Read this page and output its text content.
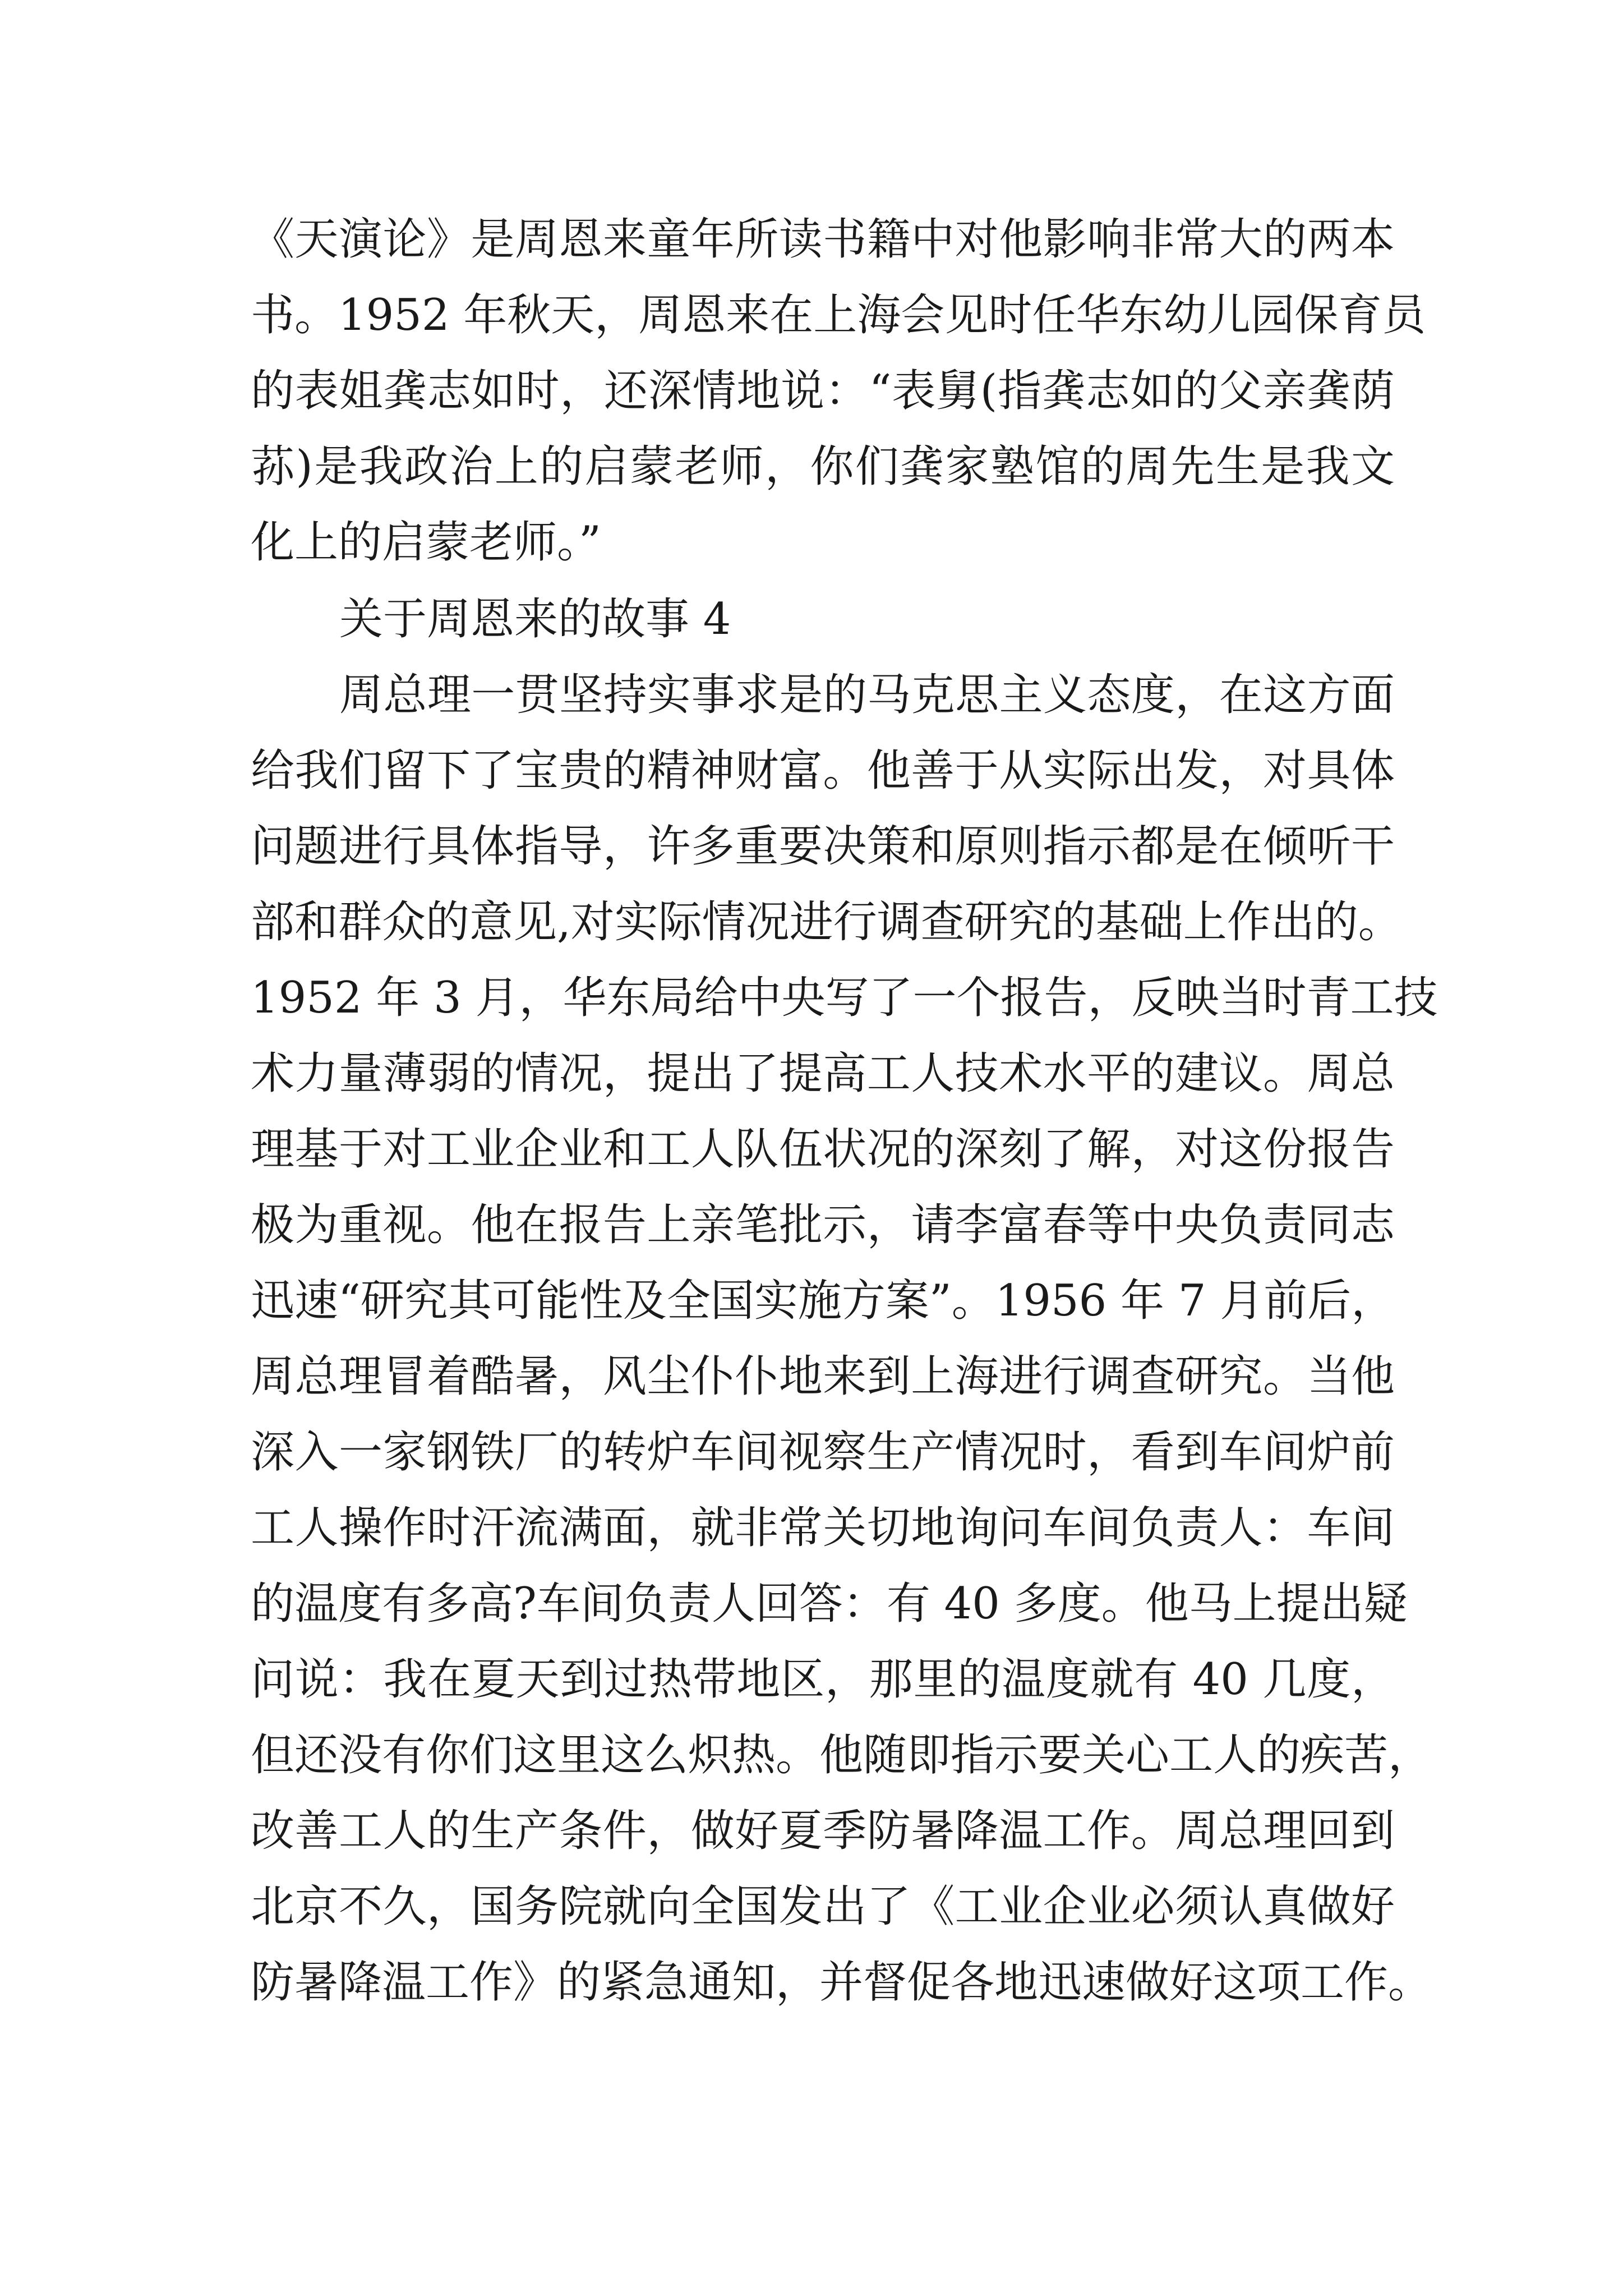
《天演论》是周恩来童年所读书籍中对他影响非常大的两本
书。1952 年秋天，周恩来在上海会见时任华东幼儿园保育员
的表姐龚志如时，还深情地说：“表舅(指龚志如的父亲龚荫
荪)是我政治上的启蒙老师，你们龚家塾馆的周先生是我文
化上的启蒙老师。”
关于周恩来的故事 4
周总理一贯坚持实事求是的马克思主义态度，在这方面
给我们留下了宝贵的精神财富。他善于从实际出发，对具体
问题进行具体指导，许多重要决策和原则指示都是在倾听干
部和群众的意见,对实际情况进行调查研究的基础上作出的。
1952 年 3 月，华东局给中央写了一个报告，反映当时青工技
术力量薄弱的情况，提出了提高工人技术水平的建议。周总
理基于对工业企业和工人队伍状况的深刻了解，对这份报告
极为重视。他在报告上亲笔批示，请李富春等中央负责同志
迅速“研究其可能性及全国实施方案”。1956 年 7 月前后，
周总理冒着酷暑，风尘仆仆地来到上海进行调查研究。当他
深入一家钢铁厂的转炉车间视察生产情况时，看到车间炉前
工人操作时汗流满面，就非常关切地询问车间负责人：车间
的温度有多高?车间负责人回答：有 40 多度。他马上提出疑
问说：我在夏天到过热带地区，那里的温度就有 40 几度，
但还没有你们这里这么炽热。他随即指示要关心工人的疾苦，
改善工人的生产条件，做好夏季防暑降温工作。周总理回到
北京不久，国务院就向全国发出了《工业企业必须认真做好
防暑降温工作》的紧急通知，并督促各地迅速做好这项工作。
